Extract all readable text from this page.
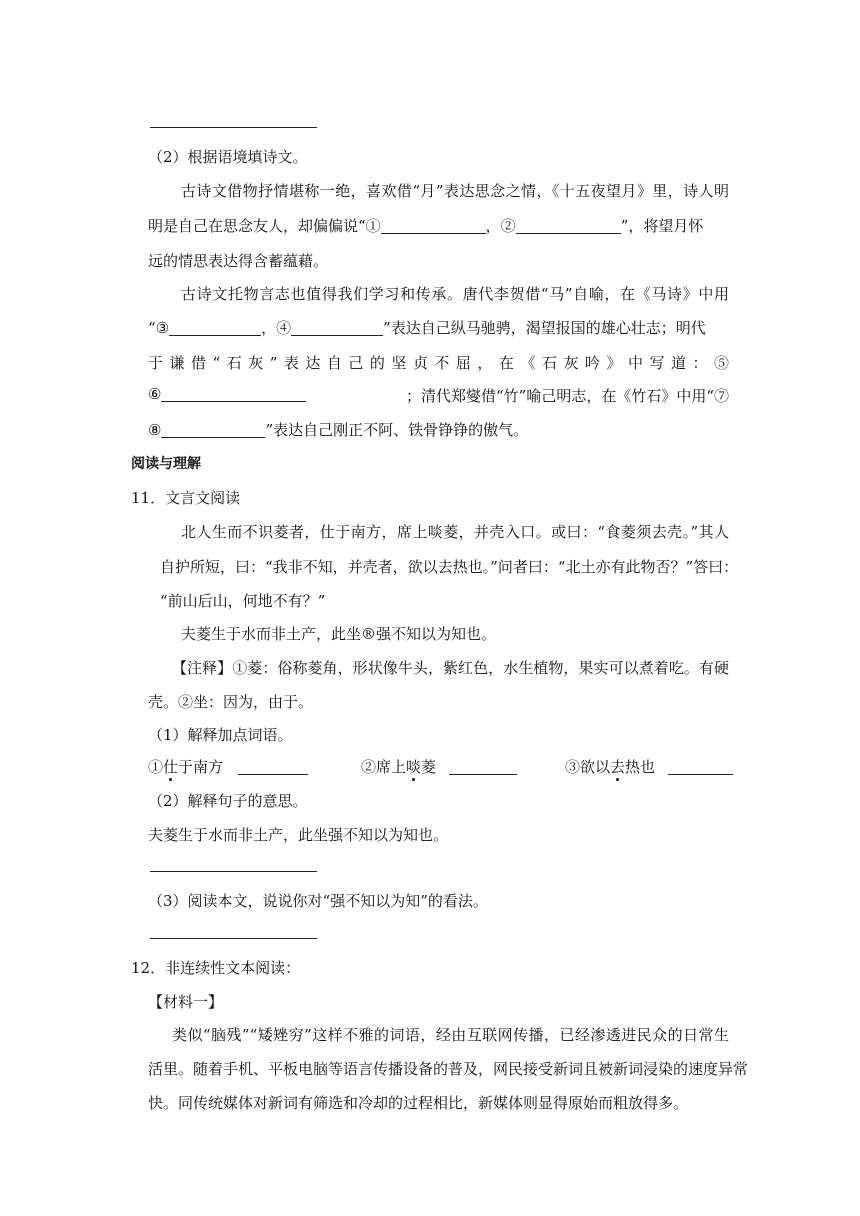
（2）根据语境填诗文。
古诗文借物抒情堪称一绝，喜欢借“月”表达思念之情，《十五夜望月》里，诗人明
明是自己在思念友人，却偏偏说“①	，②	”，将望月怀
远的情思表达得含蓄蕴藉。
古诗文托物言志也值得我们学习和传承。唐代李贺借“马”自喻，在《马诗》中用
“③	，④	”表达自己纵马驰骋，渴望报国的雄心壮志；明代
于谦借“石灰”表达自己的坚贞不屈，在《石灰吟》中写道：⑤
⑥	；清代郑燮借“竹”喻己明志，在《竹石》中用“⑦
⑧	”表达自己刚正不阿、铁骨铮铮的傲气。
阅读与理解
11．文言文阅读
北人生而不识菱者，仕于南方，席上啖菱，并壳入口。或曰：“食菱须去壳。”其人
自护所短，曰：“我非不知，并壳者，欲以去热也。”问者曰：“北土亦有此物否？”答曰：
“前山后山，何地不有？”
夫菱生于水而非土产，此坐®强不知以为知也。
【注释】①菱：俗称菱角，形状像牛头，紫红色，水生植物，果实可以煮着吃。有硬
壳。②坐：因为，由于。
（1）解释加点词语。
①仕于南方	②席上啖菱	③欲以去热也
（2）解释句子的意思。
夫菱生于水而非土产，此坐强不知以为知也。
（3）阅读本文，说说你对“强不知以为知”的看法。
12．非连续性文本阅读：
【材料一】
类似“脑残”“矮矬穷”这样不雅的词语，经由互联网传播，已经渗透进民众的日常生
活里。随着手机、平板电脑等语言传播设备的普及，网民接受新词且被新词浸染的速度异常
快。同传统媒体对新词有筛选和冷却的过程相比，新媒体则显得原始而粗放得多。
